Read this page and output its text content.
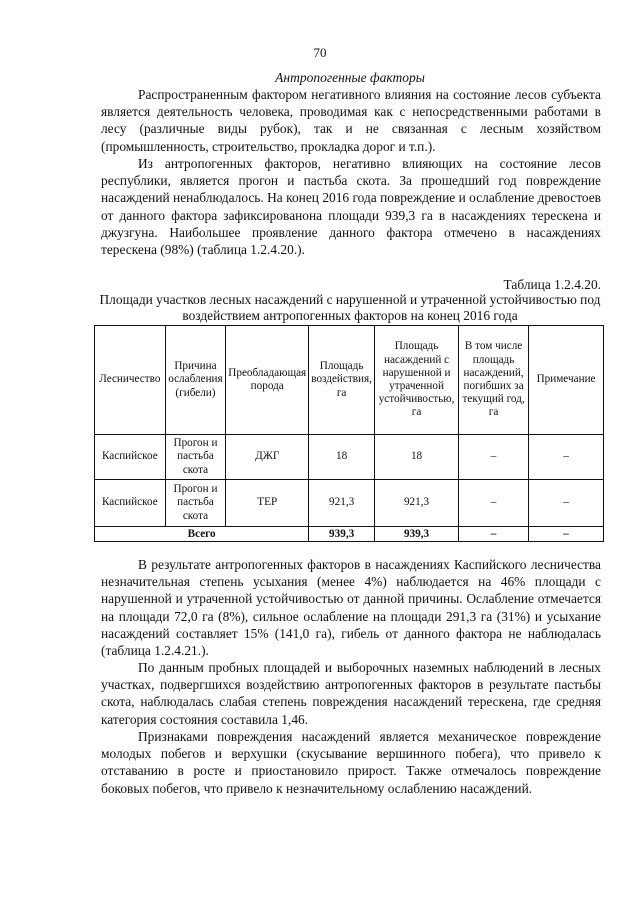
70
Антропогенные факторы

Распространенным фактором негативного влияния на состояние лесов субъекта является деятельность человека, проводимая как с непосредственными работами в лесу (различные виды рубок), так и не связанная с лесным хозяйством (промышленность, строительство, прокладка дорог и т.п.).

Из антропогенных факторов, негативно влияющих на состояние лесов республики, является прогон и пастьба скота. За прошедший год повреждение насаждений ненаблюдалось. На конец 2016 года повреждение и ослабление древостоев от данного фактора зафиксированона площади 939,3 га в насаждениях терескена и джузгуна. Наибольшее проявление данного фактора отмечено в насаждениях терескена (98%) (таблица 1.2.4.20.).

Таблица 1.2.4.20.
Площади участков лесных насаждений с нарушенной и утраченной устойчивостью под воздействием антропогенных факторов на конец 2016 года
Лесничество	Причина ослабления (гибели)	Преобладающая порода	Площадь воздействия, га	Площадь насаждений с нарушенной и утраченной устойчивостью, га	В том числе площадь насаждений, погибших за текущий год, га	Примечание
Каспийское	Прогон и пастьба скота	ДЖГ	18	18	–	–
Каспийское	Прогон и пастьба скота	ТЕР	921,3	921,3	–	–
Всего			939,3	939,3	–	–

В результате антропогенных факторов в насаждениях Каспийского лесничества незначительная степень усыхания (менее 4%) наблюдается на 46% площади с нарушенной и утраченной устойчивостью от данной причины. Ослабление отмечается на площади 72,0 га (8%), сильное ослабление на площади 291,3 га (31%) и усыхание насаждений составляет 15% (141,0 га), гибель от данного фактора не наблюдалась (таблица 1.2.4.21.).

По данным пробных площадей и выборочных наземных наблюдений в лесных участках, подвергшихся воздействию антропогенных факторов в результате пастьбы скота, наблюдалась слабая степень повреждения насаждений терескена, где средняя категория состояния составила 1,46.

Признаками повреждения насаждений является механическое повреждение молодых побегов и верхушки (скусывание вершинного побега), что привело к отставанию в росте и приостановило прирост. Также отмечалось повреждение боковых побегов, что привело к незначительному ослаблению насаждений.
